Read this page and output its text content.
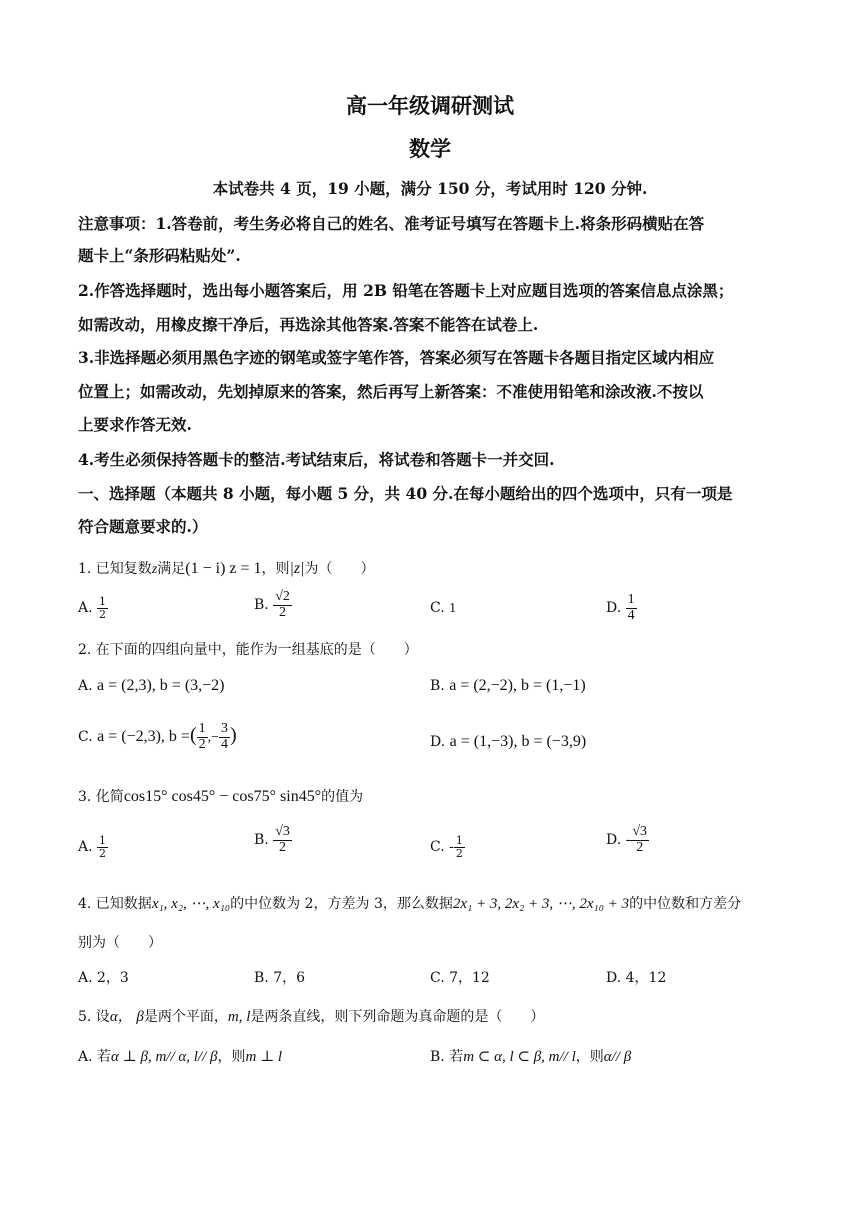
高一年级调研测试
数学
本试卷共 4 页，19 小题，满分 150 分，考试用时 120 分钟.
注意事项：1.答卷前，考生务必将自己的姓名、准考证号填写在答题卡上.将条形码横贴在答
题卡上“条形码粘贴处”.
2.作答选择题时，选出每小题答案后，用 2B 铅笔在答题卡上对应题目选项的答案信息点涂黑；
如需改动，用橡皮擦干净后，再选涂其他答案.答案不能答在试卷上.
3.非选择题必须用黑色字迹的钢笔或签字笔作答，答案必须写在答题卡各题目指定区域内相应
位置上；如需改动，先划掉原来的答案，然后再写上新答案：不准使用铅笔和涂改液.不按以
上要求作答无效.
4.考生必须保持答题卡的整洁.考试结束后，将试卷和答题卡一并交回.
一、选择题（本题共 8 小题，每小题 5 分，共 40 分.在每小题给出的四个选项中，只有一项是
符合题意要求的.）
1. 已知复数z满足(1 − i) z = 1，则|z|为（　　）
A. $\frac{1}{2}$	B. $\frac{√2}{2}$	C. 1	D. $\frac{1}{4}$
2. 在下面的四组向量中，能作为一组基底的是（　　）
A. a = (2,3), b = (3,−2)	B. a = (2,−2), b = (1,−1)
C. a = (−2,3), b =( $\frac{1}{2}$ ,− $\frac{3}{4}$ )	D. a = (1,−3), b = (−3,9)
3. 化简cos15° cos45° − cos75° sin45°的值为
A. $\frac{1}{2}$	B. $\frac{√3}{2}$	C. - $\frac{1}{2}$	D. - $\frac{√3}{2}$
4. 已知数据x₁, x₂, ⋯, x₁₀的中位数为 2，方差为 3，那么数据2x₁ + 3, 2x₂ + 3, ⋯, 2x₁₀ + 3的中位数和方差分
别为（　　）
A. 2，3	B. 7，6	C. 7，12	D. 4，12
5. 设α， β是两个平面，m, l是两条直线，则下列命题为真命题的是（　　）
A. 若α ⊥ β, m// α, l// β，则m ⊥ l	B. 若m ⊂ α, l ⊂ β, m// l，则α// β
